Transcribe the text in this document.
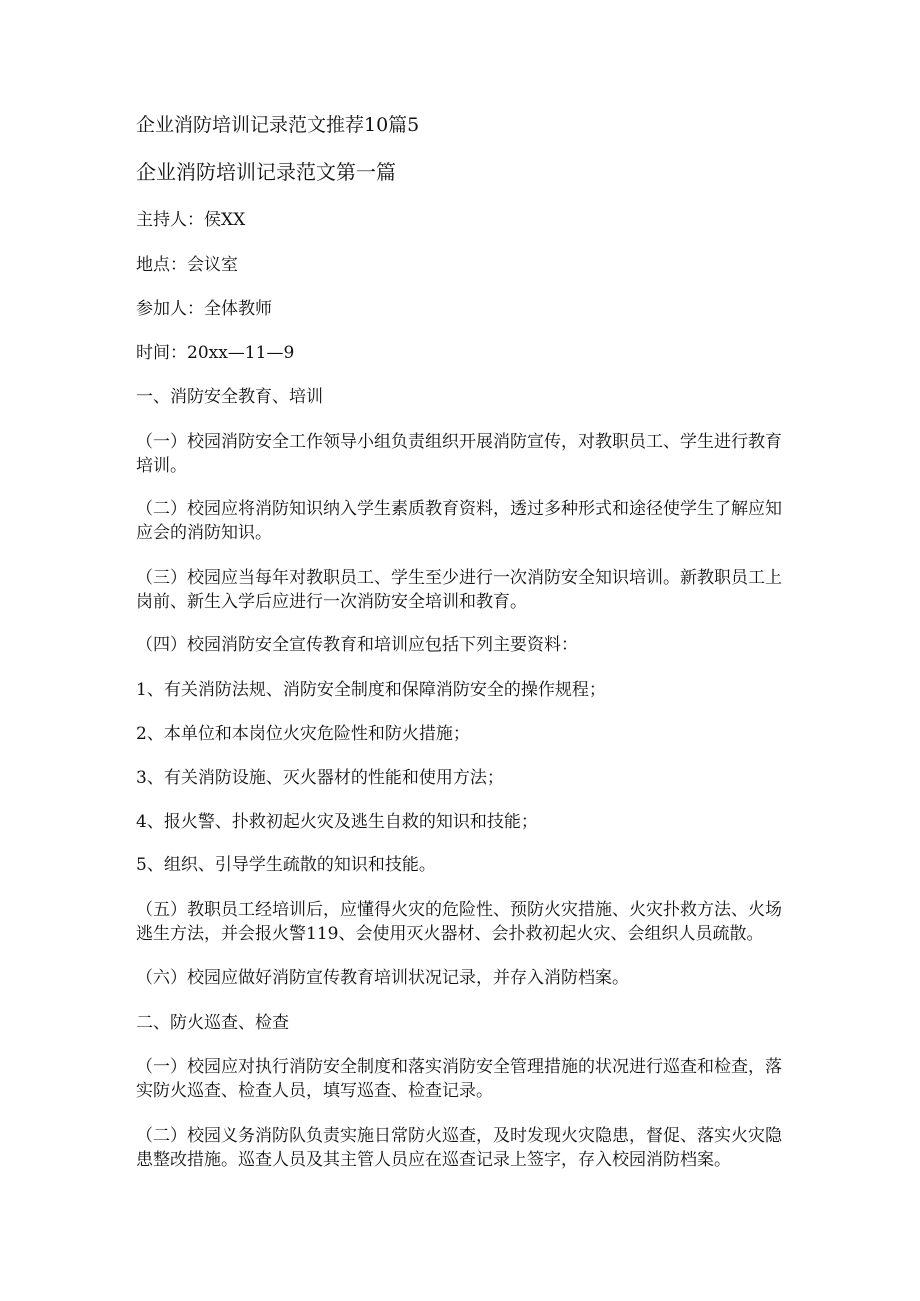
企业消防培训记录范文推荐10篇5
企业消防培训记录范文第一篇
主持人：侯XX
地点：会议室
参加人：全体教师
时间：20xx—11—9
一、消防安全教育、培训
（一）校园消防安全工作领导小组负责组织开展消防宣传，对教职员工、学生进行教育培训。
（二）校园应将消防知识纳入学生素质教育资料，透过多种形式和途径使学生了解应知应会的消防知识。
（三）校园应当每年对教职员工、学生至少进行一次消防安全知识培训。新教职员工上岗前、新生入学后应进行一次消防安全培训和教育。
（四）校园消防安全宣传教育和培训应包括下列主要资料：
1、有关消防法规、消防安全制度和保障消防安全的操作规程；
2、本单位和本岗位火灾危险性和防火措施；
3、有关消防设施、灭火器材的性能和使用方法；
4、报火警、扑救初起火灾及逃生自救的知识和技能；
5、组织、引导学生疏散的知识和技能。
（五）教职员工经培训后，应懂得火灾的危险性、预防火灾措施、火灾扑救方法、火场逃生方法，并会报火警119、会使用灭火器材、会扑救初起火灾、会组织人员疏散。
（六）校园应做好消防宣传教育培训状况记录，并存入消防档案。
二、防火巡查、检查
（一）校园应对执行消防安全制度和落实消防安全管理措施的状况进行巡查和检查，落实防火巡查、检查人员，填写巡查、检查记录。
（二）校园义务消防队负责实施日常防火巡查，及时发现火灾隐患，督促、落实火灾隐患整改措施。巡查人员及其主管人员应在巡查记录上签字，存入校园消防档案。
